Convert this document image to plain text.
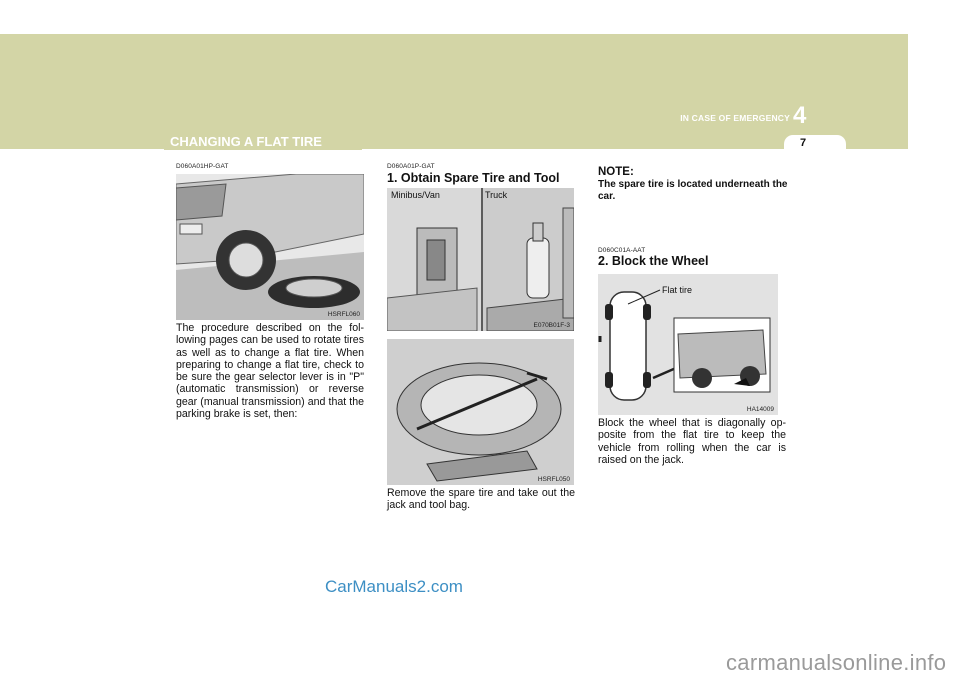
IN CASE OF EMERGENCY 4
7
CHANGING A FLAT TIRE
D060A01HP-GAT
HSRFL060
The procedure described on the fol-lowing pages can be used to rotate tires as well as to change a flat tire. When preparing to change a flat tire, check to be sure the gear selector lever is in "P" (automatic transmission) or reverse gear (manual transmission) and that the parking brake is set, then:
D060A01P-GAT
1. Obtain Spare Tire and Tool
Minibus/Van	Truck
E070B01F-3
HSRFL050
Remove the spare tire and take out the jack and tool bag.
NOTE:
The spare tire is located underneath the car.
D060C01A-AAT
2. Block the Wheel
Flat tire
HA14009
Block the wheel that is diagonally op-posite from the flat tire to keep the vehicle from rolling when the car is raised on the jack.
CarManuals2.com
carmanualsonline.info
